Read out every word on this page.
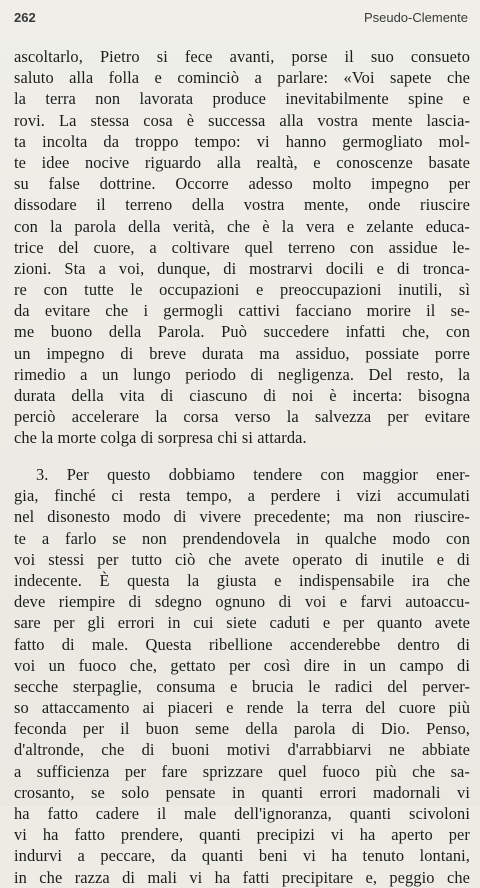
262	Pseudo-Clemente
ascoltarlo, Pietro si fece avanti, porse il suo consueto
saluto alla folla e cominciò a parlare: «Voi sapete che
la terra non lavorata produce inevitabilmente spine e
rovi. La stessa cosa è successa alla vostra mente lascia-
ta incolta da troppo tempo: vi hanno germogliato mol-
te idee nocive riguardo alla realtà, e conoscenze basate
su false dottrine. Occorre adesso molto impegno per
dissodare il terreno della vostra mente, onde riuscire
con la parola della verità, che è la vera e zelante educa-
trice del cuore, a coltivare quel terreno con assidue le-
zioni. Sta a voi, dunque, di mostrarvi docili e di tronca-
re con tutte le occupazioni e preoccupazioni inutili, sì
da evitare che i germogli cattivi facciano morire il se-
me buono della Parola. Può succedere infatti che, con
un impegno di breve durata ma assiduo, possiate porre
rimedio a un lungo periodo di negligenza. Del resto, la
durata della vita di ciascuno di noi è incerta: bisogna
perciò accelerare la corsa verso la salvezza per evitare
che la morte colga di sorpresa chi si attarda.
3. Per questo dobbiamo tendere con maggior ener-
gia, finché ci resta tempo, a perdere i vizi accumulati
nel disonesto modo di vivere precedente; ma non riuscire-
te a farlo se non prendendovela in qualche modo con
voi stessi per tutto ciò che avete operato di inutile e di
indecente. È questa la giusta e indispensabile ira che
deve riempire di sdegno ognuno di voi e farvi autoaccu-
sare per gli errori in cui siete caduti e per quanto avete
fatto di male. Questa ribellione accenderebbe dentro di
voi un fuoco che, gettato per così dire in un campo di
secche sterpaglie, consuma e brucia le radici del perver-
so attaccamento ai piaceri e rende la terra del cuore più
feconda per il buon seme della parola di Dio. Penso,
d'altronde, che di buoni motivi d'arrabbiarvi ne abbiate
a sufficienza per fare sprizzare quel fuoco più che sa-
crosanto, se solo pensate in quanti errori madornali vi
ha fatto cadere il male dell'ignoranza, quanti scivoloni
vi ha fatto prendere, quanti precipizi vi ha aperto per
indurvi a peccare, da quanti beni vi ha tenuto lontani,
in che razza di mali vi ha fatti precipitare e, peggio che
